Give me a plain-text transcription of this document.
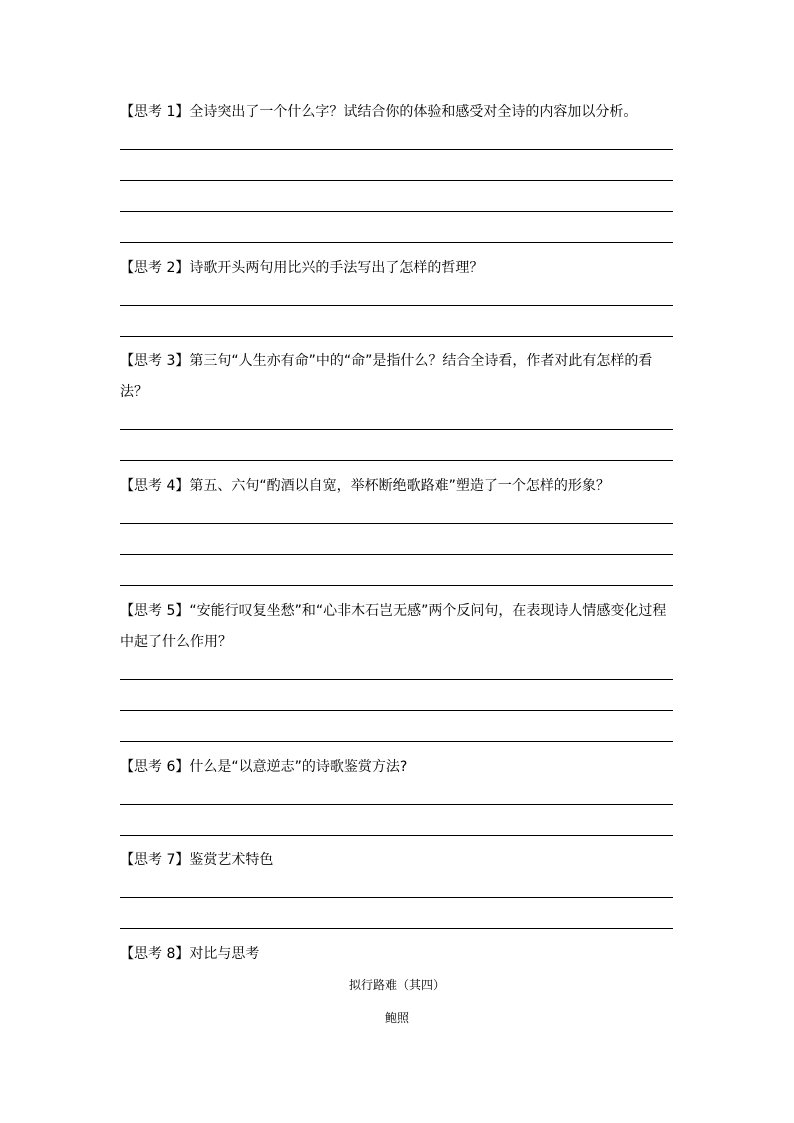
【思考 1】全诗突出了一个什么字？试结合你的体验和感受对全诗的内容加以分析。

【思考 2】诗歌开头两句用比兴的手法写出了怎样的哲理？

【思考 3】第三句“人生亦有命”中的“命”是指什么？结合全诗看，作者对此有怎样的看法？

【思考 4】第五、六句“酌酒以自宽，举杯断绝歌路难”塑造了一个怎样的形象？

【思考 5】“安能行叹复坐愁”和“心非木石岂无感”两个反问句，在表现诗人情感变化过程中起了什么作用？

【思考 6】什么是“以意逆志”的诗歌鉴赏方法?

【思考 7】鉴赏艺术特色

【思考 8】对比与思考

拟行路难（其四）
鲍照
